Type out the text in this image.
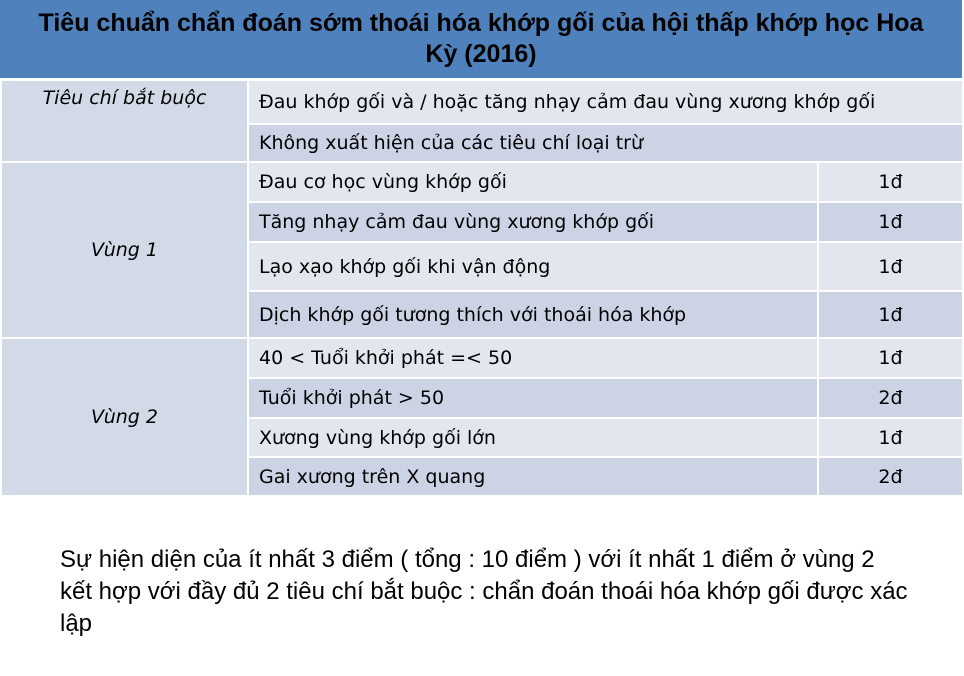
Tiêu chuẩn chẩn đoán sớm thoái hóa khớp gối của hội thấp khớp học Hoa Kỳ (2016)
Tiêu chí bắt buộc	Đau khớp gối và / hoặc tăng nhạy cảm đau vùng xương khớp gối	
	Không xuất hiện của các tiêu chí loại trừ	
Vùng 1	Đau cơ học vùng khớp gối	1đ
	Tăng nhạy cảm đau vùng xương khớp gối	1đ
	Lạo xạo khớp gối khi vận động	1đ
	Dịch khớp gối tương thích với thoái hóa khớp	1đ
Vùng 2	40 < Tuổi khởi phát =< 50	1đ
	Tuổi khởi phát > 50	2đ
	Xương vùng khớp gối lớn	1đ
	Gai xương trên X quang	2đ
Sự hiện diện của ít nhất 3 điểm ( tổng : 10 điểm ) với ít nhất 1 điểm ở vùng 2 kết hợp với đầy đủ 2 tiêu chí bắt buộc : chẩn đoán thoái hóa khớp gối được xác lập
